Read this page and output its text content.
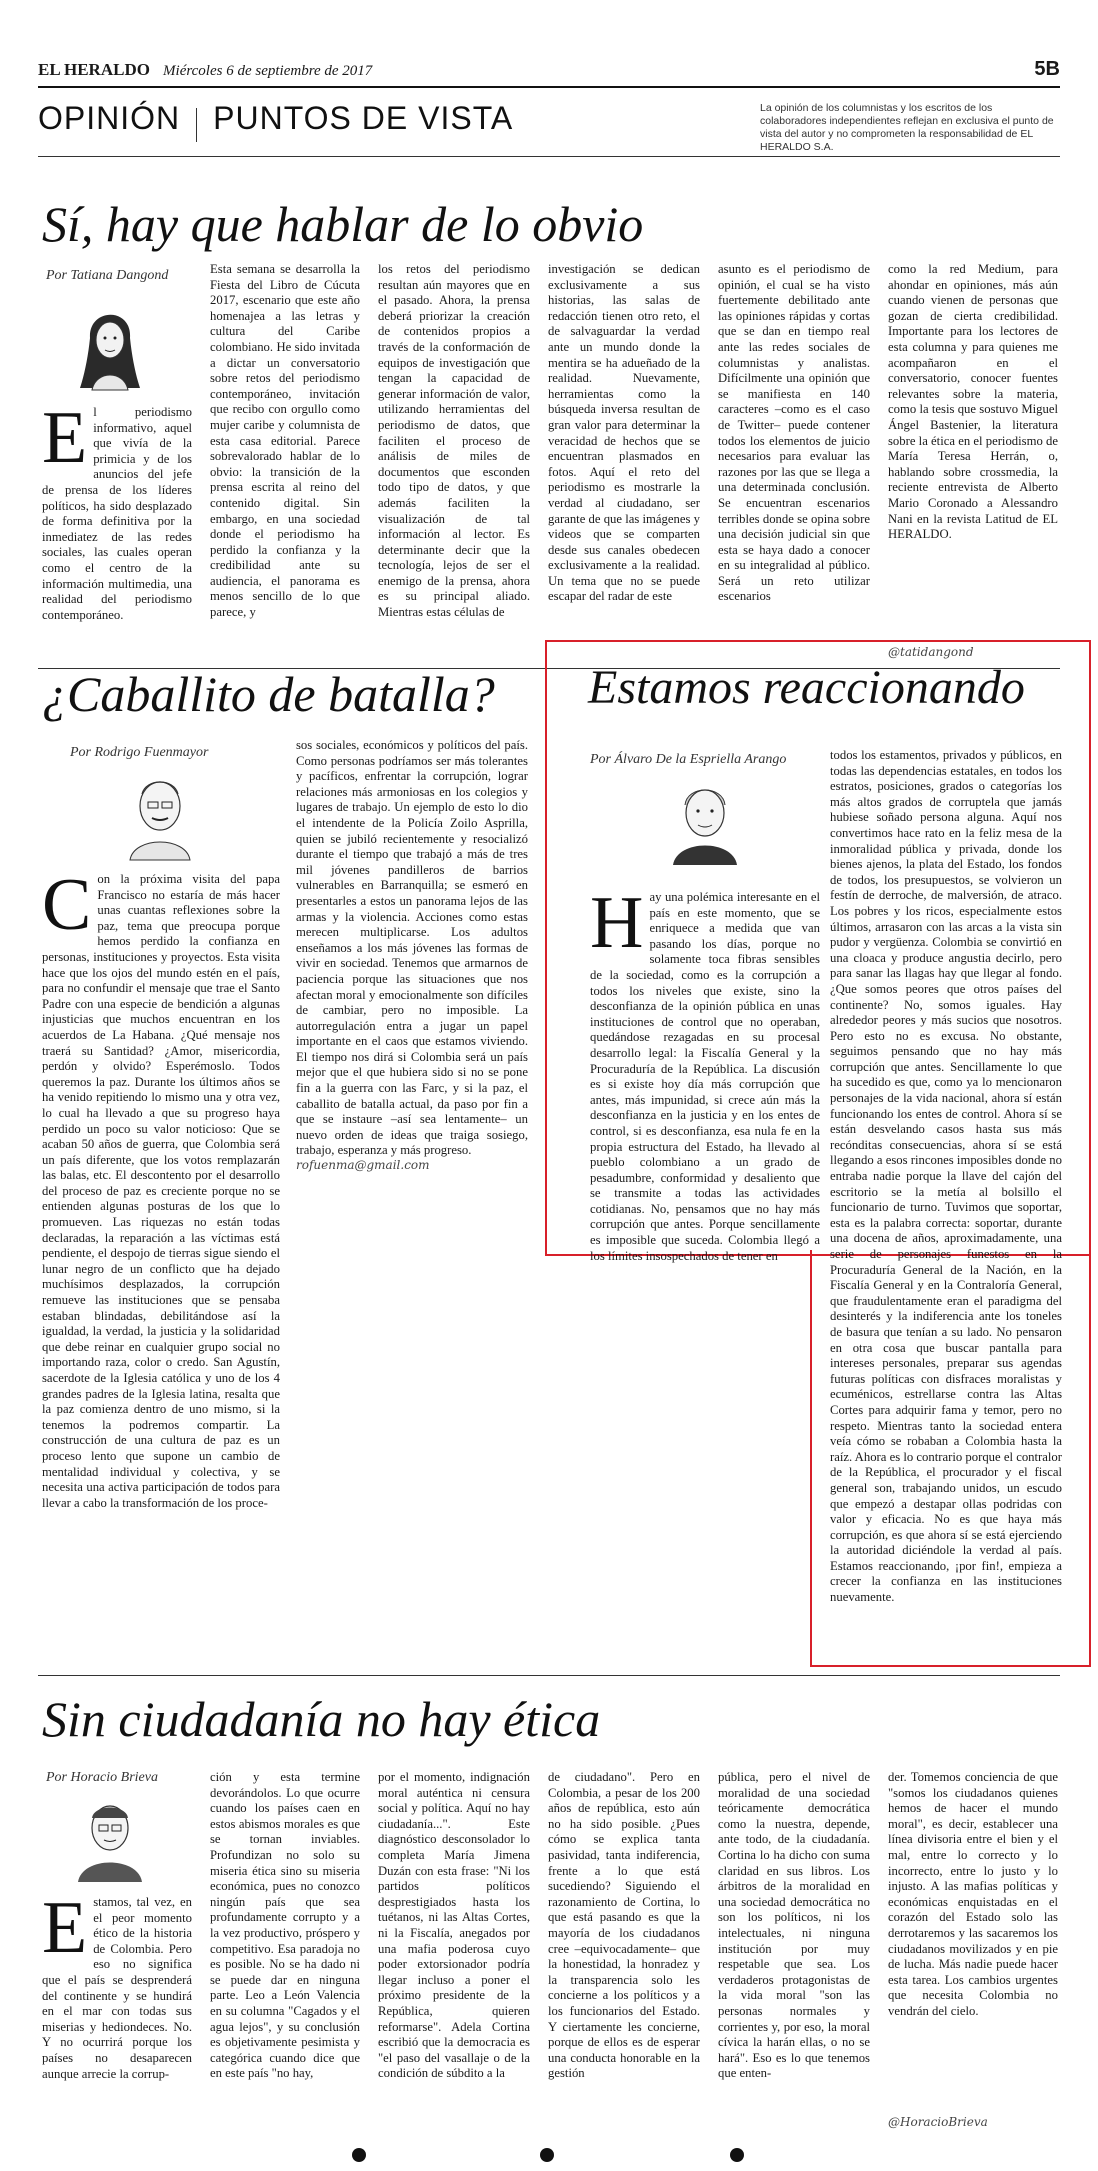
EL HERALDO Miércoles 6 de septiembre de 2017	5B
OPINIÓN PUNTOS DE VISTA	La opinión de los columnistas y los escritos de los colaboradores independientes reflejan en exclusiva el punto de vista del autor y no comprometen la responsabilidad de EL HERALDO S.A.
Sí, hay que hablar de lo obvio
Por Tatiana Dangond
El periodismo informativo, aquel que vivía de la primicia y de los anuncios del jefe de prensa de los líderes políticos, ha sido desplazado de forma definitiva por la inmediatez de las redes sociales, las cuales operan como el centro de la información multimedia, una realidad del periodismo contemporáneo.
Esta semana se desarrolla la Fiesta del Libro de Cúcuta 2017, escenario que este año homenajea a las letras y cultura del Caribe colombiano. He sido invitada a dictar un conversatorio sobre retos del periodismo contemporáneo, invitación que recibo con orgullo como mujer caribe y columnista de esta casa editorial. Parece sobrevalorado hablar de lo obvio: la transición de la prensa escrita al reino del contenido digital. Sin embargo, en una sociedad donde el periodismo ha perdido la confianza y la credibilidad ante su audiencia, el panorama es menos sencillo de lo que parece, y
los retos del periodismo resultan aún mayores que en el pasado. Ahora, la prensa deberá priorizar la creación de contenidos propios a través de la conformación de equipos de investigación que tengan la capacidad de generar información de valor, utilizando herramientas del periodismo de datos, que faciliten el proceso de análisis de miles de documentos que esconden todo tipo de datos, y que además faciliten la visualización de tal información al lector. Es determinante decir que la tecnología, lejos de ser el enemigo de la prensa, ahora es su principal aliado. Mientras estas células de
investigación se dedican exclusivamente a sus historias, las salas de redacción tienen otro reto, el de salvaguardar la verdad ante un mundo donde la mentira se ha adueñado de la realidad. Nuevamente, herramientas como la búsqueda inversa resultan de gran valor para determinar la veracidad de hechos que se encuentran plasmados en fotos. Aquí el reto del periodismo es mostrarle la verdad al ciudadano, ser garante de que las imágenes y videos que se comparten desde sus canales obedecen exclusivamente a la realidad. Un tema que no se puede escapar del radar de este
asunto es el periodismo de opinión, el cual se ha visto fuertemente debilitado ante las opiniones rápidas y cortas que se dan en tiempo real ante las redes sociales de columnistas y analistas. Difícilmente una opinión que se manifiesta en 140 caracteres –como es el caso de Twitter– puede contener todos los elementos de juicio necesarios para evaluar las razones por las que se llega a una determinada conclusión. Se encuentran escenarios terribles donde se opina sobre una decisión judicial sin que esta se haya dado a conocer en su integralidad al público. Será un reto utilizar escenarios
como la red Medium, para ahondar en opiniones, más aún cuando vienen de personas que gozan de cierta credibilidad. Importante para los lectores de esta columna y para quienes me acompañaron en el conversatorio, conocer fuentes relevantes sobre la materia, como la tesis que sostuvo Miguel Ángel Bastenier, la literatura sobre la ética en el periodismo de María Teresa Herrán, o, hablando sobre crossmedia, la reciente entrevista de Alberto Mario Coronado a Alessandro Nani en la revista Latitud de EL HERALDO.
@tatidangond
¿Caballito de batalla?
Por Rodrigo Fuenmayor
Con la próxima visita del papa Francisco no estaría de más hacer unas cuantas reflexiones sobre la paz, tema que preocupa porque hemos perdido la confianza en personas, instituciones y proyectos. Esta visita hace que los ojos del mundo estén en el país, para no confundir el mensaje que trae el Santo Padre con una especie de bendición a algunas injusticias que muchos encuentran en los acuerdos de La Habana. ¿Qué mensaje nos traerá su Santidad? ¿Amor, misericordia, perdón y olvido? Esperémoslo. Todos queremos la paz. Durante los últimos años se ha venido repitiendo lo mismo una y otra vez, lo cual ha llevado a que su progreso haya perdido un poco su valor noticioso: Que se acaban 50 años de guerra, que Colombia será un país diferente, que los votos remplazarán las balas, etc. El descontento por el desarrollo del proceso de paz es creciente porque no se entienden algunas posturas de los que lo promueven. Las riquezas no están todas declaradas, la reparación a las víctimas está pendiente, el despojo de tierras sigue siendo el lunar negro de un conflicto que ha dejado muchísimos desplazados, la corrupción remueve las instituciones que se pensaba estaban blindadas, debilitándose así la igualdad, la verdad, la justicia y la solidaridad que debe reinar en cualquier grupo social no importando raza, color o credo. San Agustín, sacerdote de la Iglesia católica y uno de los 4 grandes padres de la Iglesia latina, resalta que la paz comienza dentro de uno mismo, si la tenemos la podremos compartir. La construcción de una cultura de paz es un proceso lento que supone un cambio de mentalidad individual y colectiva, y se necesita una activa participación de todos para llevar a cabo la transformación de los proce-
sos sociales, económicos y políticos del país. Como personas podríamos ser más tolerantes y pacíficos, enfrentar la corrupción, lograr relaciones más armoniosas en los colegios y lugares de trabajo. Un ejemplo de esto lo dio el intendente de la Policía Zoilo Asprilla, quien se jubiló recientemente y resocializó durante el tiempo que trabajó a más de tres mil jóvenes pandilleros de barrios vulnerables en Barranquilla; se esmeró en presentarles a estos un panorama lejos de las armas y la violencia. Acciones como estas merecen multiplicarse. Los adultos enseñamos a los más jóvenes las formas de vivir en sociedad. Tenemos que armarnos de paciencia porque las situaciones que nos afectan moral y emocionalmente son difíciles de cambiar, pero no imposible. La autorregulación entra a jugar un papel importante en el caos que estamos viviendo. El tiempo nos dirá si Colombia será un país mejor que el que hubiera sido si no se pone fin a la guerra con las Farc, y si la paz, el caballito de batalla actual, da paso por fin a que se instaure –así sea lentamente– un nuevo orden de ideas que traiga sosiego, trabajo, esperanza y más progreso.
rofuenma@gmail.com
Estamos reaccionando
Por Álvaro De la Espriella Arango
Hay una polémica interesante en el país en este momento, que se enriquece a medida que van pasando los días, porque no solamente toca fibras sensibles de la sociedad, como es la corrupción a todos los niveles que existe, sino la desconfianza de la opinión pública en unas instituciones de control que no operaban, quedándose rezagadas en su procesal desarrollo legal: la Fiscalía General y la Procuraduría de la República. La discusión es si existe hoy día más corrupción que antes, más impunidad, si crece aún más la desconfianza en la justicia y en los entes de control, si es desconfianza, esa nula fe en la propia estructura del Estado, ha llevado al pueblo colombiano a un grado de pesadumbre, conformidad y desaliento que se transmite a todas las actividades cotidianas. No, pensamos que no hay más corrupción que antes. Porque sencillamente es imposible que suceda. Colombia llegó a los límites insospechados de tener en
todos los estamentos, privados y públicos, en todas las dependencias estatales, en todos los estratos, posiciones, grados o categorías los más altos grados de corruptela que jamás hubiese soñado persona alguna. Aquí nos convertimos hace rato en la feliz mesa de la inmoralidad pública y privada, donde los bienes ajenos, la plata del Estado, los fondos de todos, los presupuestos, se volvieron un festín de derroche, de malversión, de atraco. Los pobres y los ricos, especialmente estos últimos, arrasaron con las arcas a la vista sin pudor y vergüenza. Colombia se convirtió en una cloaca y produce angustia decirlo, pero para sanar las llagas hay que llegar al fondo. ¿Que somos peores que otros países del continente? No, somos iguales. Hay alrededor peores y más sucios que nosotros. Pero esto no es excusa. No obstante, seguimos pensando que no hay más corrupción que antes. Sencillamente lo que ha sucedido es que, como ya lo mencionaron personajes de la vida nacional, ahora sí están funcionando los entes de control. Ahora sí se están desvelando casos hasta sus más recónditas consecuencias, ahora sí se está llegando a esos rincones imposibles donde no entraba nadie porque la llave del cajón del escritorio se la metía al bolsillo el funcionario de turno. Tuvimos que soportar, esta es la palabra correcta: soportar, durante una docena de años, aproximadamente, una serie de personajes funestos en la Procuraduría General de la Nación, en la Fiscalía General y en la Contraloría General, que fraudulentamente eran el paradigma del desinterés y la indiferencia ante los toneles de basura que tenían a su lado. No pensaron en otra cosa que buscar pantalla para intereses personales, preparar sus agendas futuras políticas con disfraces moralistas y ecuménicos, estrellarse contra las Altas Cortes para adquirir fama y temor, pero no respeto. Mientras tanto la sociedad entera veía cómo se robaban a Colombia hasta la raíz. Ahora es lo contrario porque el contralor de la República, el procurador y el fiscal general son, trabajando unidos, un escudo que empezó a destapar ollas podridas con valor y eficacia. No es que haya más corrupción, es que ahora sí se está ejerciendo la autoridad diciéndole la verdad al país. Estamos reaccionando, ¡por fin!, empieza a crecer la confianza en las instituciones nuevamente.
Sin ciudadanía no hay ética
Por Horacio Brieva
Estamos, tal vez, en el peor momento ético de la historia de Colombia. Pero eso no significa que el país se desprenderá del continente y se hundirá en el mar con todas sus miserias y hediondeces. No. Y no ocurrirá porque los países no desaparecen aunque arrecie la corrup-
ción y esta termine devorándolos. Lo que ocurre cuando los países caen en estos abismos morales es que se tornan inviables. Profundizan no solo su miseria ética sino su miseria económica, pues no conozco ningún país que sea profundamente corrupto y a la vez productivo, próspero y competitivo. Esa paradoja no es posible. No se ha dado ni se puede dar en ninguna parte. Leo a León Valencia en su columna "Cagados y el agua lejos", y su conclusión es objetivamente pesimista y categórica cuando dice que en este país "no hay,
por el momento, indignación moral auténtica ni censura social y política. Aquí no hay ciudadanía...". Este diagnóstico desconsolador lo completa María Jimena Duzán con esta frase: "Ni los partidos políticos desprestigiados hasta los tuétanos, ni las Altas Cortes, ni la Fiscalía, anegados por una mafia poderosa cuyo poder extorsionador podría llegar incluso a poner el próximo presidente de la República, quieren reformarse". Adela Cortina escribió que la democracia es "el paso del vasallaje o de la condición de súbdito a la
de ciudadano". Pero en Colombia, a pesar de los 200 años de república, esto aún no ha sido posible. ¿Pues cómo se explica tanta pasividad, tanta indiferencia, frente a lo que está sucediendo? Siguiendo el razonamiento de Cortina, lo que está pasando es que la mayoría de los ciudadanos cree –equivocadamente– que la honestidad, la honradez y la transparencia solo les concierne a los políticos y a los funcionarios del Estado. Y ciertamente les concierne, porque de ellos es de esperar una conducta honorable en la gestión
pública, pero el nivel de moralidad de una sociedad teóricamente democrática como la nuestra, depende, ante todo, de la ciudadanía. Cortina lo ha dicho con suma claridad en sus libros. Los árbitros de la moralidad en una sociedad democrática no son los políticos, ni los intelectuales, ni ninguna institución por muy respetable que sea. Los verdaderos protagonistas de la vida moral "son las personas normales y corrientes y, por eso, la moral cívica la harán ellas, o no se hará". Eso es lo que tenemos que enten-
der. Tomemos conciencia de que "somos los ciudadanos quienes hemos de hacer el mundo moral", es decir, establecer una línea divisoria entre el bien y el mal, entre lo correcto y lo incorrecto, entre lo justo y lo injusto. A las mafias políticas y económicas enquistadas en el corazón del Estado solo las derrotaremos y las sacaremos los ciudadanos movilizados y en pie de lucha. Más nadie puede hacer esta tarea. Los cambios urgentes que necesita Colombia no vendrán del cielo.
@HoracioBrieva
